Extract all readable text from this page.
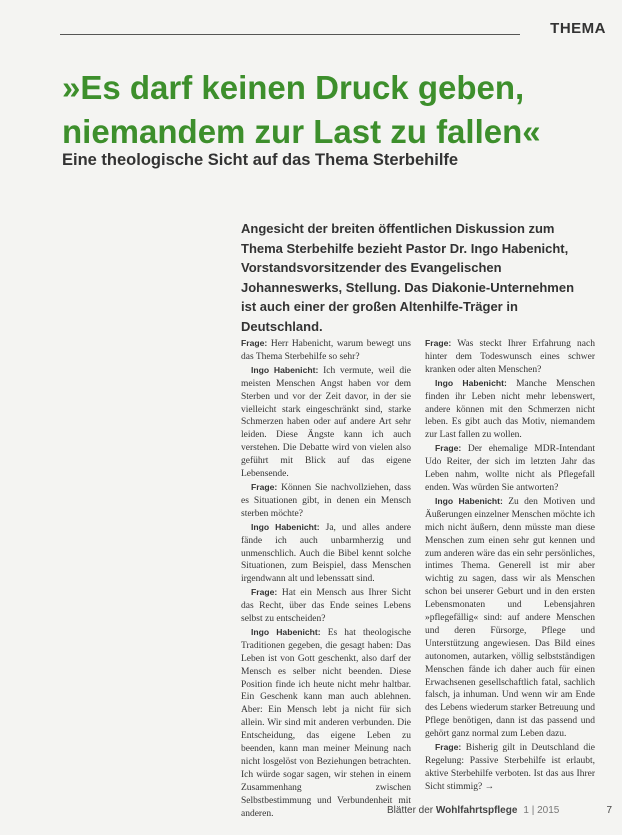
THEMA
»Es darf keinen Druck geben,
niemandem zur Last zu fallen«
Eine theologische Sicht auf das Thema Sterbehilfe

Angesicht der breiten öffentlichen Diskussion zum Thema Sterbehilfe bezieht Pastor Dr. Ingo Habenicht, Vorstandsvorsitzender des Evangelischen Johanneswerks, Stellung. Das Diakonie-Unternehmen ist auch einer der großen Altenhilfe-Träger in Deutschland.

Frage: Herr Habenicht, warum bewegt uns das Thema Sterbehilfe so sehr?

Ingo Habenicht: Ich vermute, weil die meisten Menschen Angst haben vor dem Sterben und vor der Zeit davor, in der sie vielleicht stark eingeschränkt sind, starke Schmerzen haben oder auf andere Art sehr leiden. Diese Ängste kann ich auch verstehen. Die Debatte wird von vielen also geführt mit Blick auf das eigene Lebensende.

Frage: Können Sie nachvollziehen, dass es Situationen gibt, in denen ein Mensch sterben möchte?

Ingo Habenicht: Ja, und alles andere fände ich auch unbarmherzig und unmenschlich. Auch die Bibel kennt solche Situationen, zum Beispiel, dass Menschen irgendwann alt und lebenssatt sind.

Frage: Hat ein Mensch aus Ihrer Sicht das Recht, über das Ende seines Lebens selbst zu entscheiden?

Ingo Habenicht: Es hat theologische Traditionen gegeben, die gesagt haben: Das Leben ist von Gott geschenkt, also darf der Mensch es selber nicht beenden. Diese Position finde ich heute nicht mehr haltbar. Ein Geschenk kann man auch ablehnen. Aber: Ein Mensch lebt ja nicht für sich allein. Wir sind mit anderen verbunden. Die Entscheidung, das eigene Leben zu beenden, kann man meiner Meinung nach nicht losgelöst von Beziehungen betrachten. Ich würde sogar sagen, wir stehen in einem Zusammenhang zwischen Selbstbestimmung und Verbundenheit mit anderen.

Frage: Was steckt Ihrer Erfahrung nach hinter dem Todeswunsch eines schwer kranken oder alten Menschen?

Ingo Habenicht: Manche Menschen finden ihr Leben nicht mehr lebenswert, andere können mit den Schmerzen nicht leben. Es gibt auch das Motiv, niemandem zur Last fallen zu wollen.

Frage: Der ehemalige MDR-Intendant Udo Reiter, der sich im letzten Jahr das Leben nahm, wollte nicht als Pflegefall enden. Was würden Sie antworten?

Ingo Habenicht: Zu den Motiven und Äußerungen einzelner Menschen möchte ich mich nicht äußern, denn müsste man diese Menschen zum einen sehr gut kennen und zum anderen wäre das ein sehr persönliches, intimes Thema. Generell ist mir aber wichtig zu sagen, dass wir als Menschen schon bei unserer Geburt und in den ersten Lebensmonaten und Lebensjahren »pflegefällig« sind: auf andere Menschen und deren Fürsorge, Pflege und Unterstützung angewiesen. Das Bild eines autonomen, autarken, völlig selbstständigen Menschen fände ich daher auch für einen Erwachsenen gesellschaftlich fatal, sachlich falsch, ja inhuman. Und wenn wir am Ende des Lebens wiederum starker Betreuung und Pflege benötigen, dann ist das passend und gehört ganz normal zum Leben dazu.

Frage: Bisherig gilt in Deutschland die Regelung: Passive Sterbehilfe ist erlaubt, aktive Sterbehilfe verboten. Ist das aus Ihrer Sicht stimmig? →

Blätter der Wohlfahrtspflege 1 | 2015	7
